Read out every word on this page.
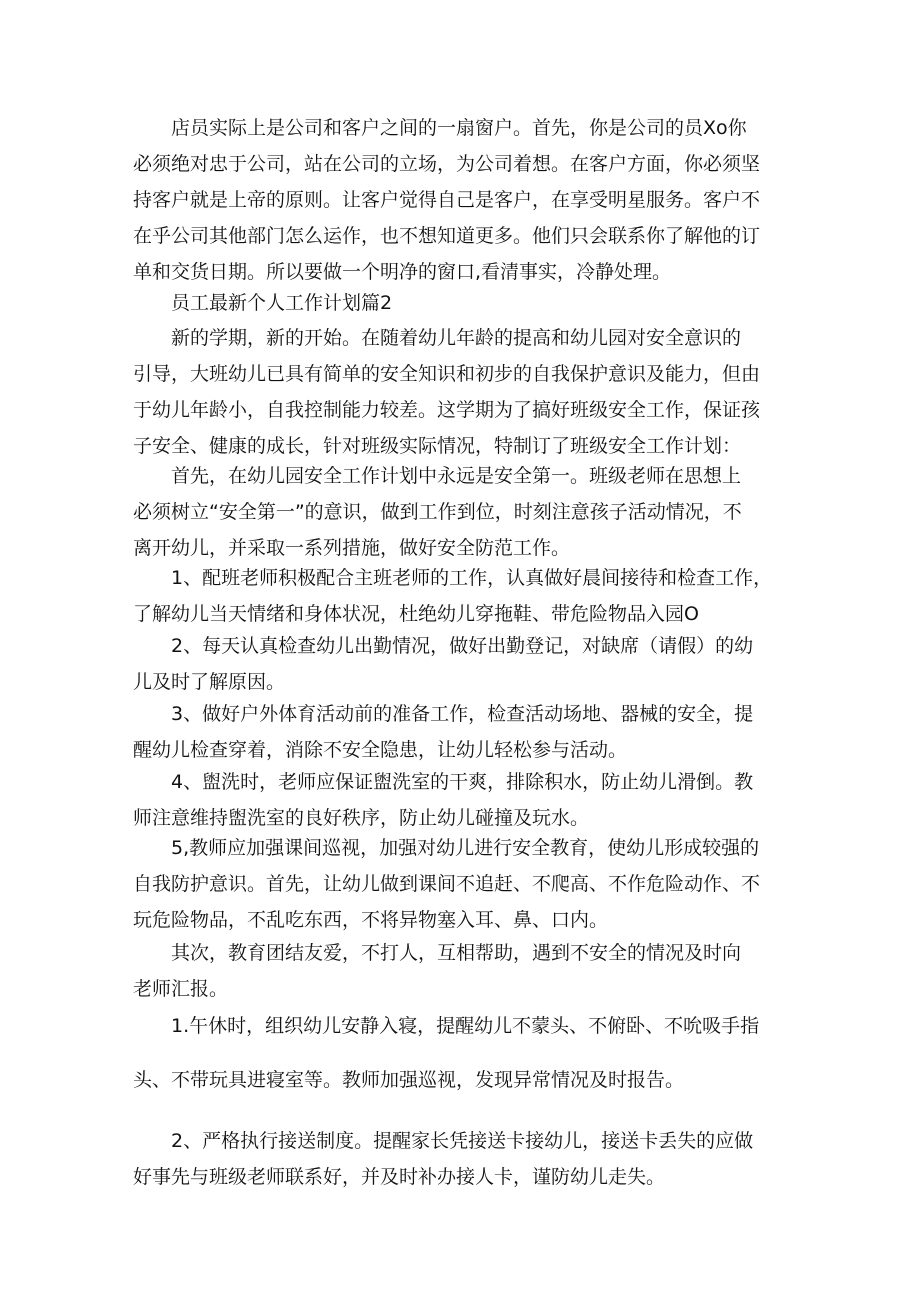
　　店员实际上是公司和客户之间的一扇窗户。首先，你是公司的员Xo你
必须绝对忠于公司，站在公司的立场，为公司着想。在客户方面，你必须坚
持客户就是上帝的原则。让客户觉得自己是客户，在享受明星服务。客户不
在乎公司其他部门怎么运作，也不想知道更多。他们只会联系你了解他的订
单和交货日期。所以要做一个明净的窗口,看清事实，冷静处理。
　　员工最新个人工作计划篇2
　　新的学期，新的开始。在随着幼儿年龄的提高和幼儿园对安全意识的
引导，大班幼儿已具有简单的安全知识和初步的自我保护意识及能力，但由
于幼儿年龄小，自我控制能力较差。这学期为了搞好班级安全工作，保证孩
子安全、健康的成长，针对班级实际情况，特制订了班级安全工作计划：
　　首先，在幼儿园安全工作计划中永远是安全第一。班级老师在思想上
必须树立“安全第一”的意识，做到工作到位，时刻注意孩子活动情况，不
离开幼儿，并采取一系列措施，做好安全防范工作。
　　1、配班老师积极配合主班老师的工作，认真做好晨间接待和检查工作，
了解幼儿当天情绪和身体状况，杜绝幼儿穿拖鞋、带危险物品入园O
　　2、每天认真检查幼儿出勤情况，做好出勤登记，对缺席（请假）的幼
儿及时了解原因。
　　3、做好户外体育活动前的准备工作，检查活动场地、器械的安全，提
醒幼儿检查穿着，消除不安全隐患，让幼儿轻松参与活动。
　　4、盥洗时，老师应保证盥洗室的干爽，排除积水，防止幼儿滑倒。教
师注意维持盥洗室的良好秩序，防止幼儿碰撞及玩水。
　　5,教师应加强课间巡视，加强对幼儿进行安全教育，使幼儿形成较强的
自我防护意识。首先，让幼儿做到课间不追赶、不爬高、不作危险动作、不
玩危险物品，不乱吃东西，不将异物塞入耳、鼻、口内。
　　其次，教育团结友爱，不打人，互相帮助，遇到不安全的情况及时向
老师汇报。
　　1.午休时，组织幼儿安静入寝，提醒幼儿不蒙头、不俯卧、不吮吸手指
头、不带玩具进寝室等。教师加强巡视，发现异常情况及时报告。
　　2、严格执行接送制度。提醒家长凭接送卡接幼儿，接送卡丢失的应做
好事先与班级老师联系好，并及时补办接人卡，谨防幼儿走失。
